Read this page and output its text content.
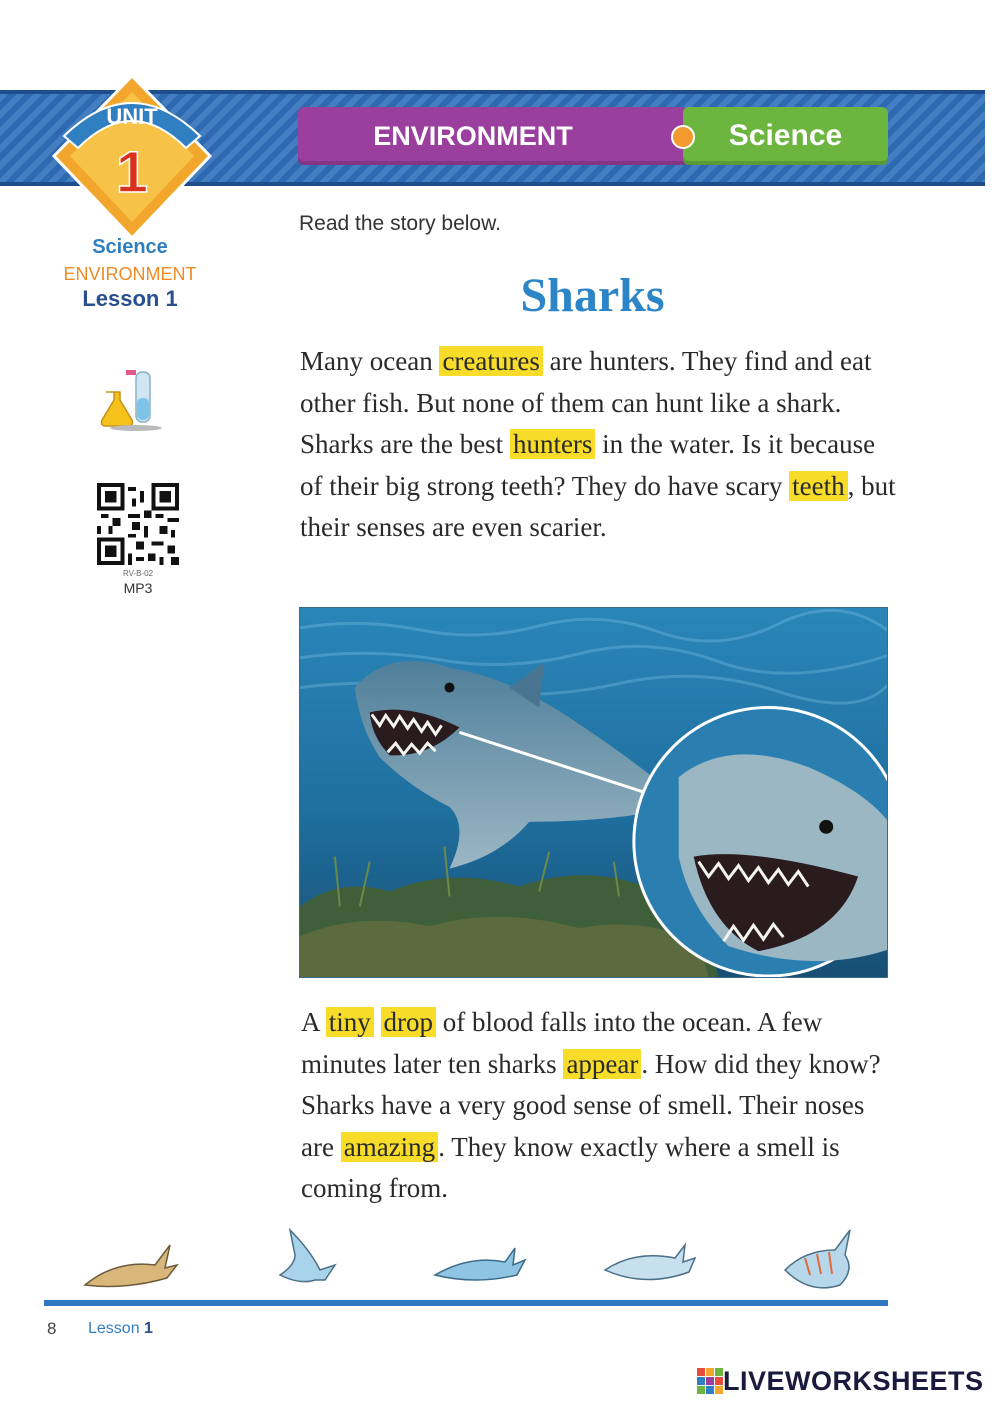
ENVIRONMENT	Science
UNIT
1
Science
ENVIRONMENT
Lesson 1
RV-B-02
MP3
Read the story below.
Sharks
Many ocean creatures are hunters. They find and eat other fish. But none of them can hunt like a shark. Sharks are the best hunters in the water. Is it because of their big strong teeth? They do have scary teeth , but their senses are even scarier.
A tiny drop of blood falls into the ocean. A few minutes later ten sharks appear . How did they know? Sharks have a very good sense of smell. Their noses are amazing . They know exactly where a smell is coming from.
8 Lesson 1
LIVEWORKSHEETS
